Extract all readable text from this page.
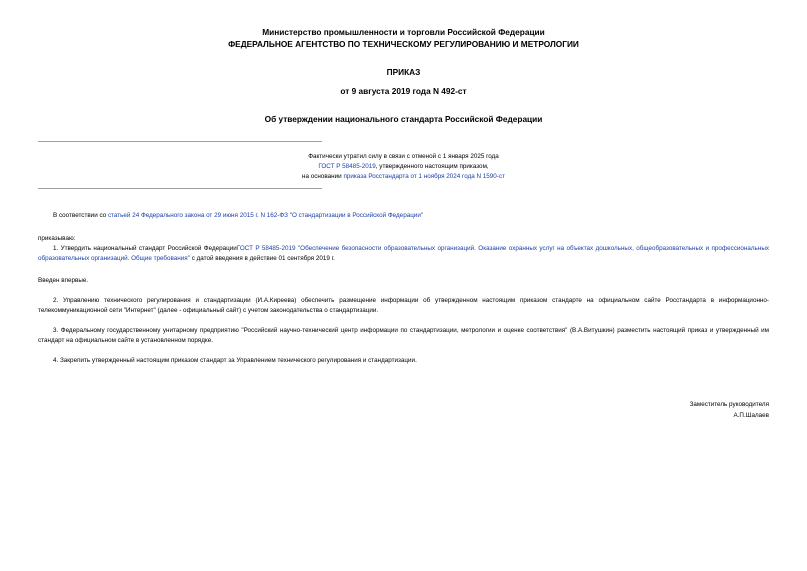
Министерство промышленности и торговли Российской Федерации
ФЕДЕРАЛЬНОЕ АГЕНТСТВО ПО ТЕХНИЧЕСКОМУ РЕГУЛИРОВАНИЮ И МЕТРОЛОГИИ
ПРИКАЗ
от 9 августа 2019 года N 492-ст
Об утверждении национального стандарта Российской Федерации
Фактически утратил силу в связи с отменой с 1 января 2025 года
ГОСТ Р 58485-2019, утвержденного настоящим приказом,
на основании приказа Росстандарта от 1 ноября 2024 года N 1590-ст
В соответствии со статьей 24 Федерального закона от 29 июня 2015 г. N 162-ФЗ "О стандартизации в Российской Федерации"
приказываю:
1. Утвердить национальный стандарт Российской ФедерацииГОСТ Р 58485-2019 "Обеспечение безопасности образовательных организаций. Оказание охранных услуг на объектах дошкольных, общеобразовательных и профессиональных образовательных организаций. Общие требования" с датой введения в действие 01 сентября 2019 г.
Введен впервые.
2. Управлению технического регулирования и стандартизации (И.А.Киреева) обеспечить размещение информации об утвержденном настоящим приказом стандарте на официальном сайте Росстандарта в информационно-телекоммуникационной сети "Интернет" (далее - официальный сайт) с учетом законодательства о стандартизации.
3. Федеральному государственному унитарному предприятию "Российский научно-технический центр информации по стандартизации, метрологии и оценке соответствия" (В.А.Витушкин) разместить настоящий приказ и утвержденный им стандарт на официальном сайте в установленном порядке.
4. Закрепить утвержденный настоящим приказом стандарт за Управлением технического регулирования и стандартизации.
Заместитель руководителя
А.П.Шалаев
